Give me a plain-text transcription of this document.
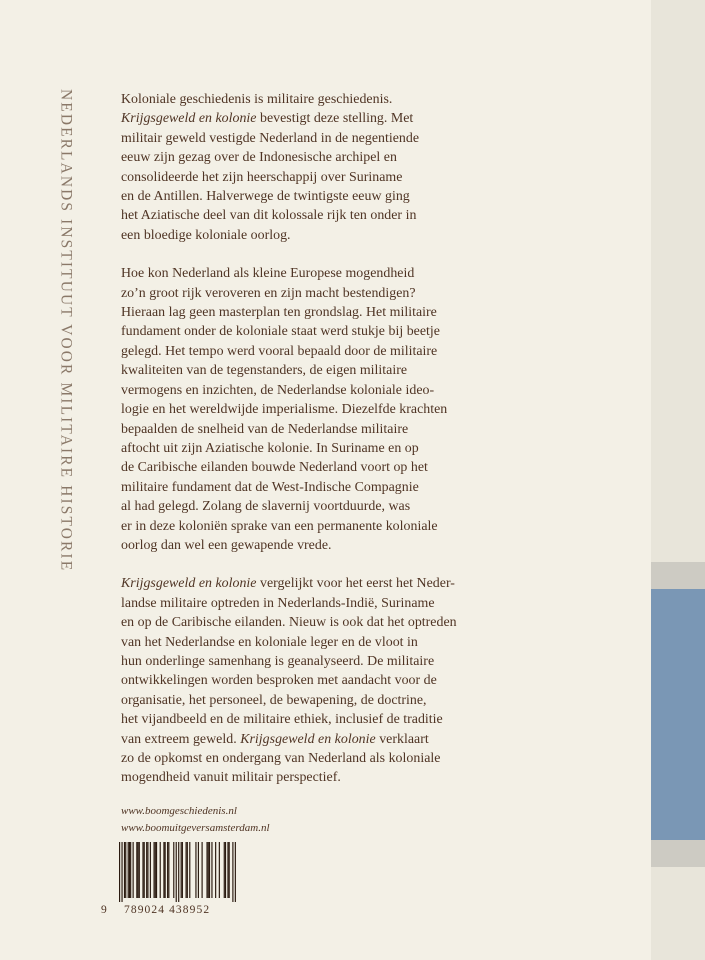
NEDERLANDS INSTITUUT VOOR MILITAIRE HISTORIE	Koloniale geschiedenis is militaire geschiedenis.
Krijgsgeweld en kolonie bevestigt deze stelling. Met
militair geweld vestigde Nederland in de negentiende
eeuw zijn gezag over de Indonesische archipel en
consolideerde het zijn heerschappij over Suriname
en de Antillen. Halverwege de twintigste eeuw ging
het Aziatische deel van dit kolossale rijk ten onder in
een bloedige koloniale oorlog.

Hoe kon Nederland als kleine Europese mogendheid
zo’n groot rijk veroveren en zijn macht bestendigen?
Hieraan lag geen masterplan ten grondslag. Het militaire
fundament onder de koloniale staat werd stukje bij beetje
gelegd. Het tempo werd vooral bepaald door de militaire
kwaliteiten van de tegenstanders, de eigen militaire
vermogens en inzichten, de Nederlandse koloniale ideo-
logie en het wereldwijde imperialisme. Diezelfde krachten
bepaalden de snelheid van de Nederlandse militaire
aftocht uit zijn Aziatische kolonie. In Suriname en op
de Caribische eilanden bouwde Nederland voort op het
militaire fundament dat de West-Indische Compagnie
al had gelegd. Zolang de slavernij voortduurde, was
er in deze koloniën sprake van een permanente koloniale
oorlog dan wel een gewapende vrede.

Krijgsgeweld en kolonie vergelijkt voor het eerst het Neder-
landse militaire optreden in Nederlands-Indië, Suriname
en op de Caribische eilanden. Nieuw is ook dat het optreden
van het Nederlandse en koloniale leger en de vloot in
hun onderlinge samenhang is geanalyseerd. De militaire
ontwikkelingen worden besproken met aandacht voor de
organisatie, het personeel, de bewapening, de doctrine,
het vijandbeeld en de militaire ethiek, inclusief de traditie
van extreem geweld. Krijgsgeweld en kolonie verklaart
zo de opkomst en ondergang van Nederland als koloniale
mogendheid vanuit militair perspectief.

www.boomgeschiedenis.nl
www.boomuitgeversamsterdam.nl
9 789024 438952
